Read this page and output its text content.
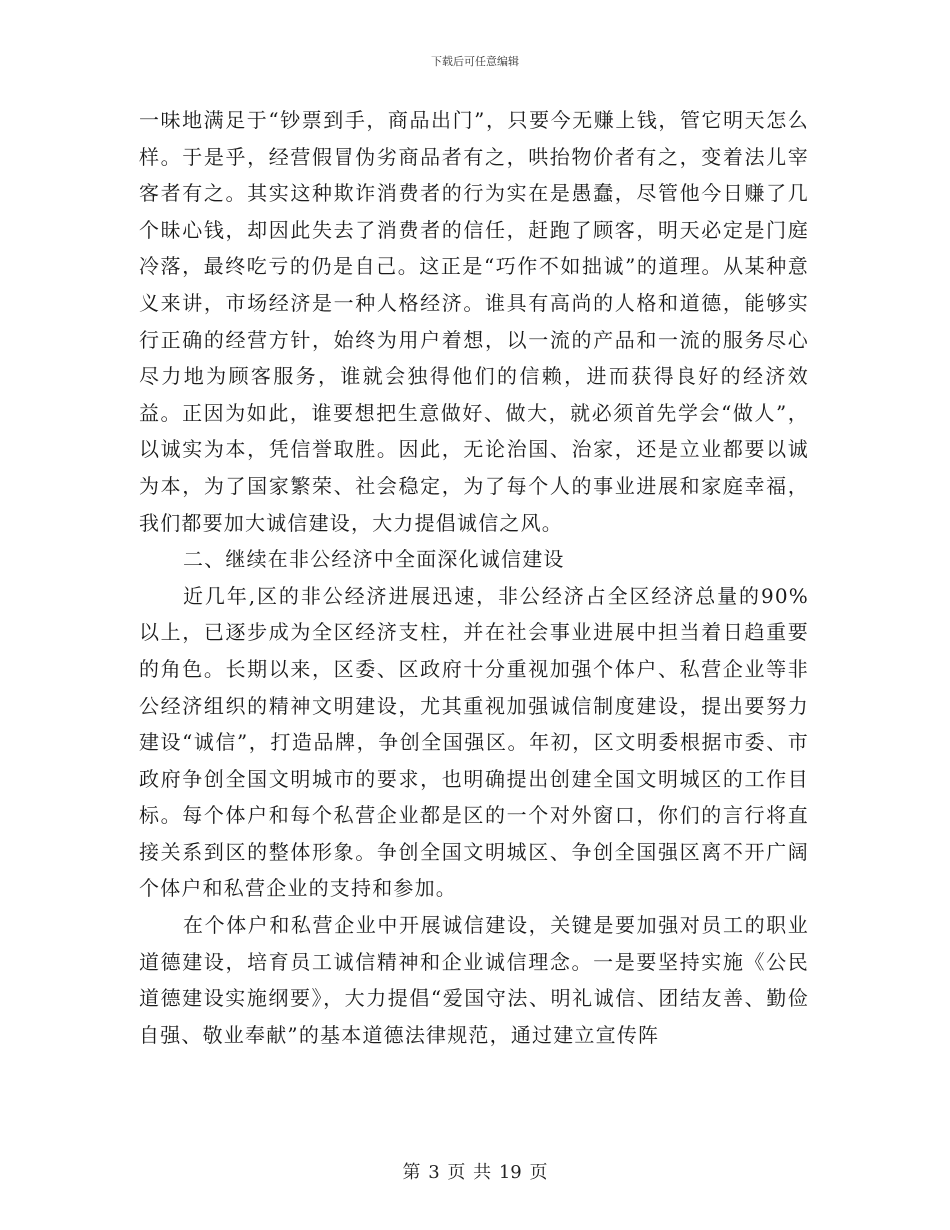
下载后可任意编辑

一味地满足于“钞票到手，商品出门”，只要今无赚上钱，管它明天怎么样。于是乎，经营假冒伪劣商品者有之，哄抬物价者有之，变着法儿宰客者有之。其实这种欺诈消费者的行为实在是愚蠢，尽管他今日赚了几个昧心钱，却因此失去了消费者的信任，赶跑了顾客，明天必定是门庭冷落，最终吃亏的仍是自己。这正是“巧作不如拙诚”的道理。从某种意义来讲，市场经济是一种人格经济。谁具有高尚的人格和道德，能够实行正确的经营方针，始终为用户着想，以一流的产品和一流的服务尽心尽力地为顾客服务，谁就会独得他们的信赖，进而获得良好的经济效益。正因为如此，谁要想把生意做好、做大，就必须首先学会“做人”，以诚实为本，凭信誉取胜。因此，无论治国、治家，还是立业都要以诚为本，为了国家繁荣、社会稳定，为了每个人的事业进展和家庭幸福，我们都要加大诚信建设，大力提倡诚信之风。

二、继续在非公经济中全面深化诚信建设

近几年,区的非公经济进展迅速，非公经济占全区经济总量的90%以上，已逐步成为全区经济支柱，并在社会事业进展中担当着日趋重要的角色。长期以来，区委、区政府十分重视加强个体户、私营企业等非公经济组织的精神文明建设，尤其重视加强诚信制度建设，提出要努力建设“诚信”，打造品牌，争创全国强区。年初，区文明委根据市委、市政府争创全国文明城市的要求，也明确提出创建全国文明城区的工作目标。每个体户和每个私营企业都是区的一个对外窗口，你们的言行将直接关系到区的整体形象。争创全国文明城区、争创全国强区离不开广阔个体户和私营企业的支持和参加。

在个体户和私营企业中开展诚信建设，关键是要加强对员工的职业道德建设，培育员工诚信精神和企业诚信理念。一是要坚持实施《公民道德建设实施纲要》，大力提倡“爱国守法、明礼诚信、团结友善、勤俭自强、敬业奉献”的基本道德法律规范，通过建立宣传阵

第 3 页 共 19 页
